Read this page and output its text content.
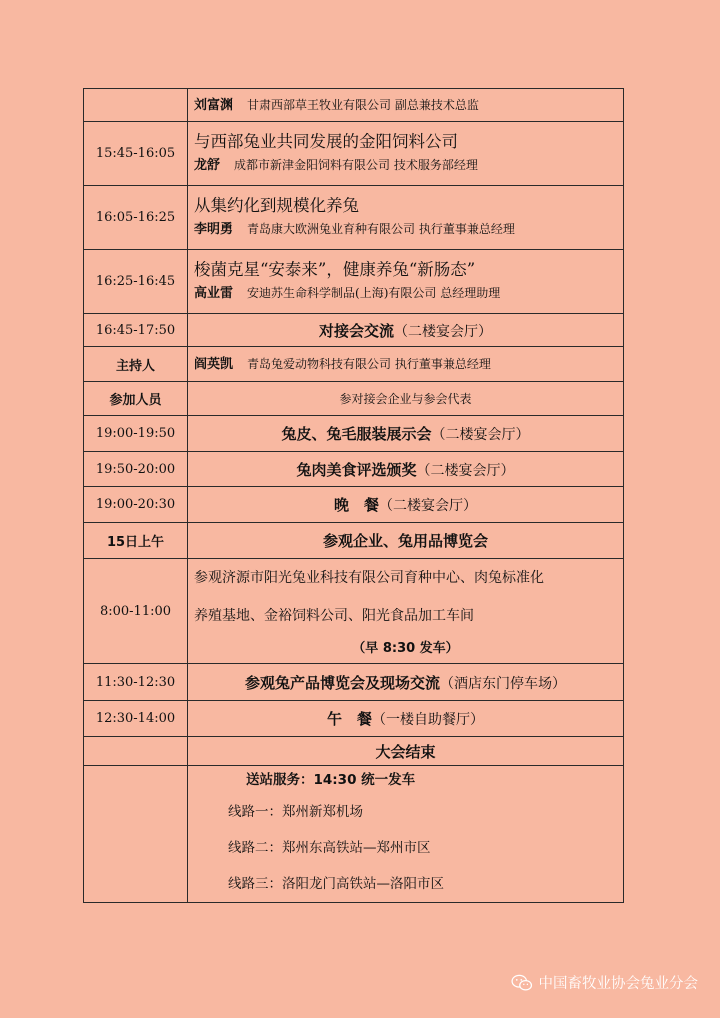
	刘富渊 甘肃西部草王牧业有限公司 副总兼技术总监
15:45-16:05	与西部兔业共同发展的金阳饲料公司
龙舒 成都市新津金阳饲料有限公司 技术服务部经理

16:05-16:25	从集约化到规模化养兔
李明勇 青岛康大欧洲兔业育种有限公司 执行董事兼总经理

16:25-16:45	梭菌克星“安泰来”，健康养兔“新肠态”
高业雷 安迪苏生命科学制品(上海)有限公司 总经理助理

16:45-17:50	对接会交流（二楼宴会厅）
主持人	阎英凯 青岛兔爱动物科技有限公司 执行董事兼总经理
参加人员	参对接会企业与参会代表
19:00-19:50	兔皮、兔毛服装展示会（二楼宴会厅）
19:50-20:00	兔肉美食评选颁奖（二楼宴会厅）
19:00-20:30	晚　餐（二楼宴会厅）
15日上午	参观企业、兔用品博览会
8:00-11:00	参观济源市阳光兔业科技有限公司育种中心、肉兔标准化
养殖基地、金裕饲料公司、阳光食品加工车间
（早 8:30 发车）

11:30-12:30	参观兔产品博览会及现场交流（酒店东门停车场）
12:30-14:00	午　餐（一楼自助餐厅）
	大会结束

	送站服务：14:30 统一发车
线路一：郑州新郑机场
线路二：郑州东高铁站—郑州市区
线路三：洛阳龙门高铁站—洛阳市区
中国畜牧业协会兔业分会
